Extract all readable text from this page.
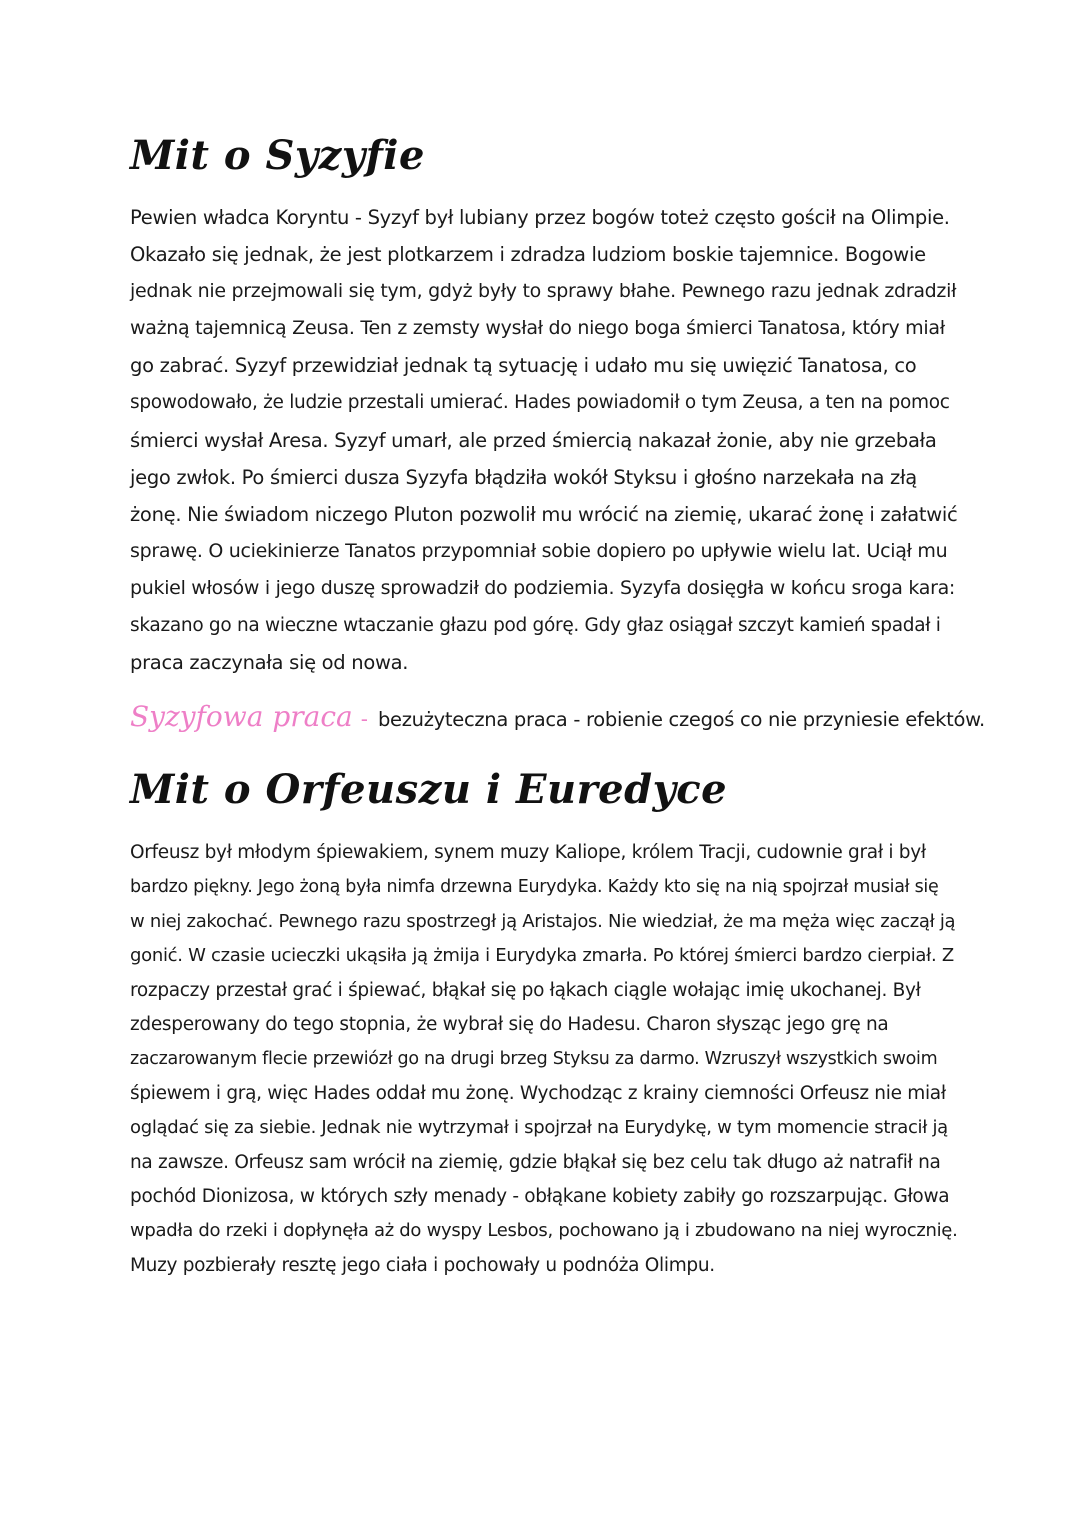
Mit o Syzyfie
Pewien władca Koryntu - Syzyf był lubiany przez bogów toteż często gościł na Olimpie.
Okazało się jednak, że jest plotkarzem i zdradza ludziom boskie tajemnice. Bogowie
jednak nie przejmowali się tym, gdyż były to sprawy błahe. Pewnego razu jednak zdradził
ważną tajemnicą Zeusa. Ten z zemsty wysłał do niego boga śmierci Tanatosa, który miał
go zabrać. Syzyf przewidział jednak tą sytuację i udało mu się uwięzić Tanatosa, co
spowodowało, że ludzie przestali umierać. Hades powiadomił o tym Zeusa, a ten na pomoc
śmierci wysłał Aresa. Syzyf umarł, ale przed śmiercią nakazał żonie, aby nie grzebała
jego zwłok. Po śmierci dusza Syzyfa błądziła wokół Styksu i głośno narzekała na złą
żonę. Nie świadom niczego Pluton pozwolił mu wrócić na ziemię, ukarać żonę i załatwić
sprawę. O uciekinierze Tanatos przypomniał sobie dopiero po upływie wielu lat. Uciął mu
pukiel włosów i jego duszę sprowadził do podziemia. Syzyfa dosięgła w końcu sroga kara:
skazano go na wieczne wtaczanie głazu pod górę. Gdy głaz osiągał szczyt kamień spadał i
praca zaczynała się od nowa.
Syzyfowa praca - bezużyteczna praca - robienie czegoś co nie przyniesie efektów.
Mit o Orfeuszu i Euredyce
Orfeusz był młodym śpiewakiem, synem muzy Kaliope, królem Tracji, cudownie grał i był
bardzo piękny. Jego żoną była nimfa drzewna Eurydyka. Każdy kto się na nią spojrzał musiał się
w niej zakochać. Pewnego razu spostrzegł ją Aristajos. Nie wiedział, że ma męża więc zaczął ją
gonić. W czasie ucieczki ukąsiła ją żmija i Eurydyka zmarła. Po której śmierci bardzo cierpiał. Z
rozpaczy przestał grać i śpiewać, błąkał się po łąkach ciągle wołając imię ukochanej. Był
zdesperowany do tego stopnia, że wybrał się do Hadesu. Charon słysząc jego grę na
zaczarowanym flecie przewiózł go na drugi brzeg Styksu za darmo. Wzruszył wszystkich swoim
śpiewem i grą, więc Hades oddał mu żonę. Wychodząc z krainy ciemności Orfeusz nie miał
oglądać się za siebie. Jednak nie wytrzymał i spojrzał na Eurydykę, w tym momencie stracił ją
na zawsze. Orfeusz sam wrócił na ziemię, gdzie błąkał się bez celu tak długo aż natrafił na
pochód Dionizosa, w których szły menady - obłąkane kobiety zabiły go rozszarpując. Głowa
wpadła do rzeki i dopłynęła aż do wyspy Lesbos, pochowano ją i zbudowano na niej wyrocznię.
Muzy pozbierały resztę jego ciała i pochowały u podnóża Olimpu.
